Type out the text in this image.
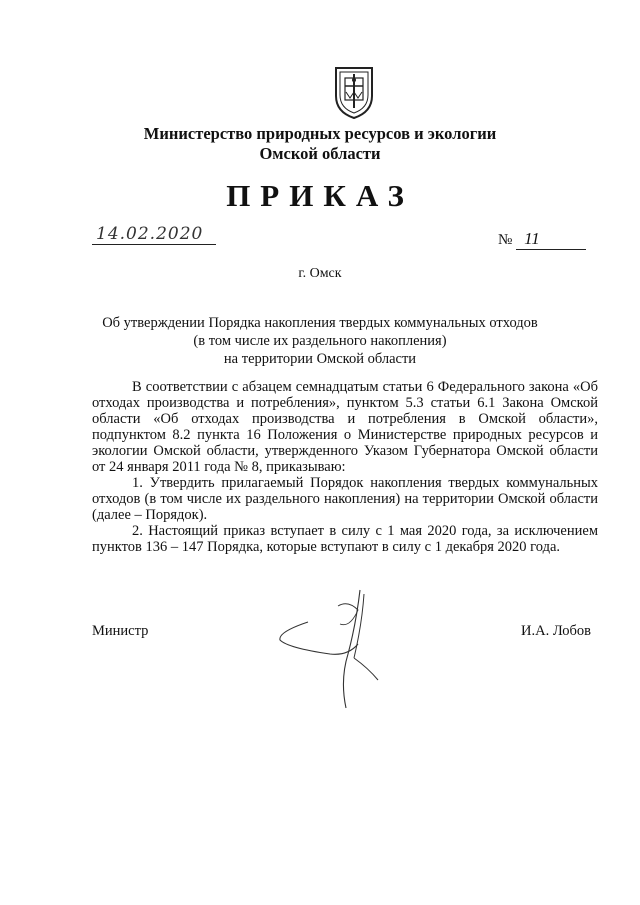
Министерство природных ресурсов и экологии
Омской области
ПРИКАЗ
14.02.2020	№ 11
г. Омск
Об утверждении Порядка накопления твердых коммунальных отходов
(в том числе их раздельного накопления)
на территории Омской области

В соответствии с абзацем семнадцатым статьи 6 Федерального закона «Об отходах производства и потребления», пунктом 5.3 статьи 6.1 Закона Омской области «Об отходах производства и потребления в Омской области», подпунктом 8.2 пункта 16 Положения о Министерстве природных ресурсов и экологии Омской области, утвержденного Указом Губернатора Омской области от 24 января 2011 года № 8, приказываю:

1. Утвердить прилагаемый Порядок накопления твердых коммунальных отходов (в том числе их раздельного накопления) на территории Омской области (далее – Порядок).

2. Настоящий приказ вступает в силу с 1 мая 2020 года, за исключением пунктов 136 – 147 Порядка, которые вступают в силу с 1 декабря 2020 года.

Министр	И.А. Лобов
